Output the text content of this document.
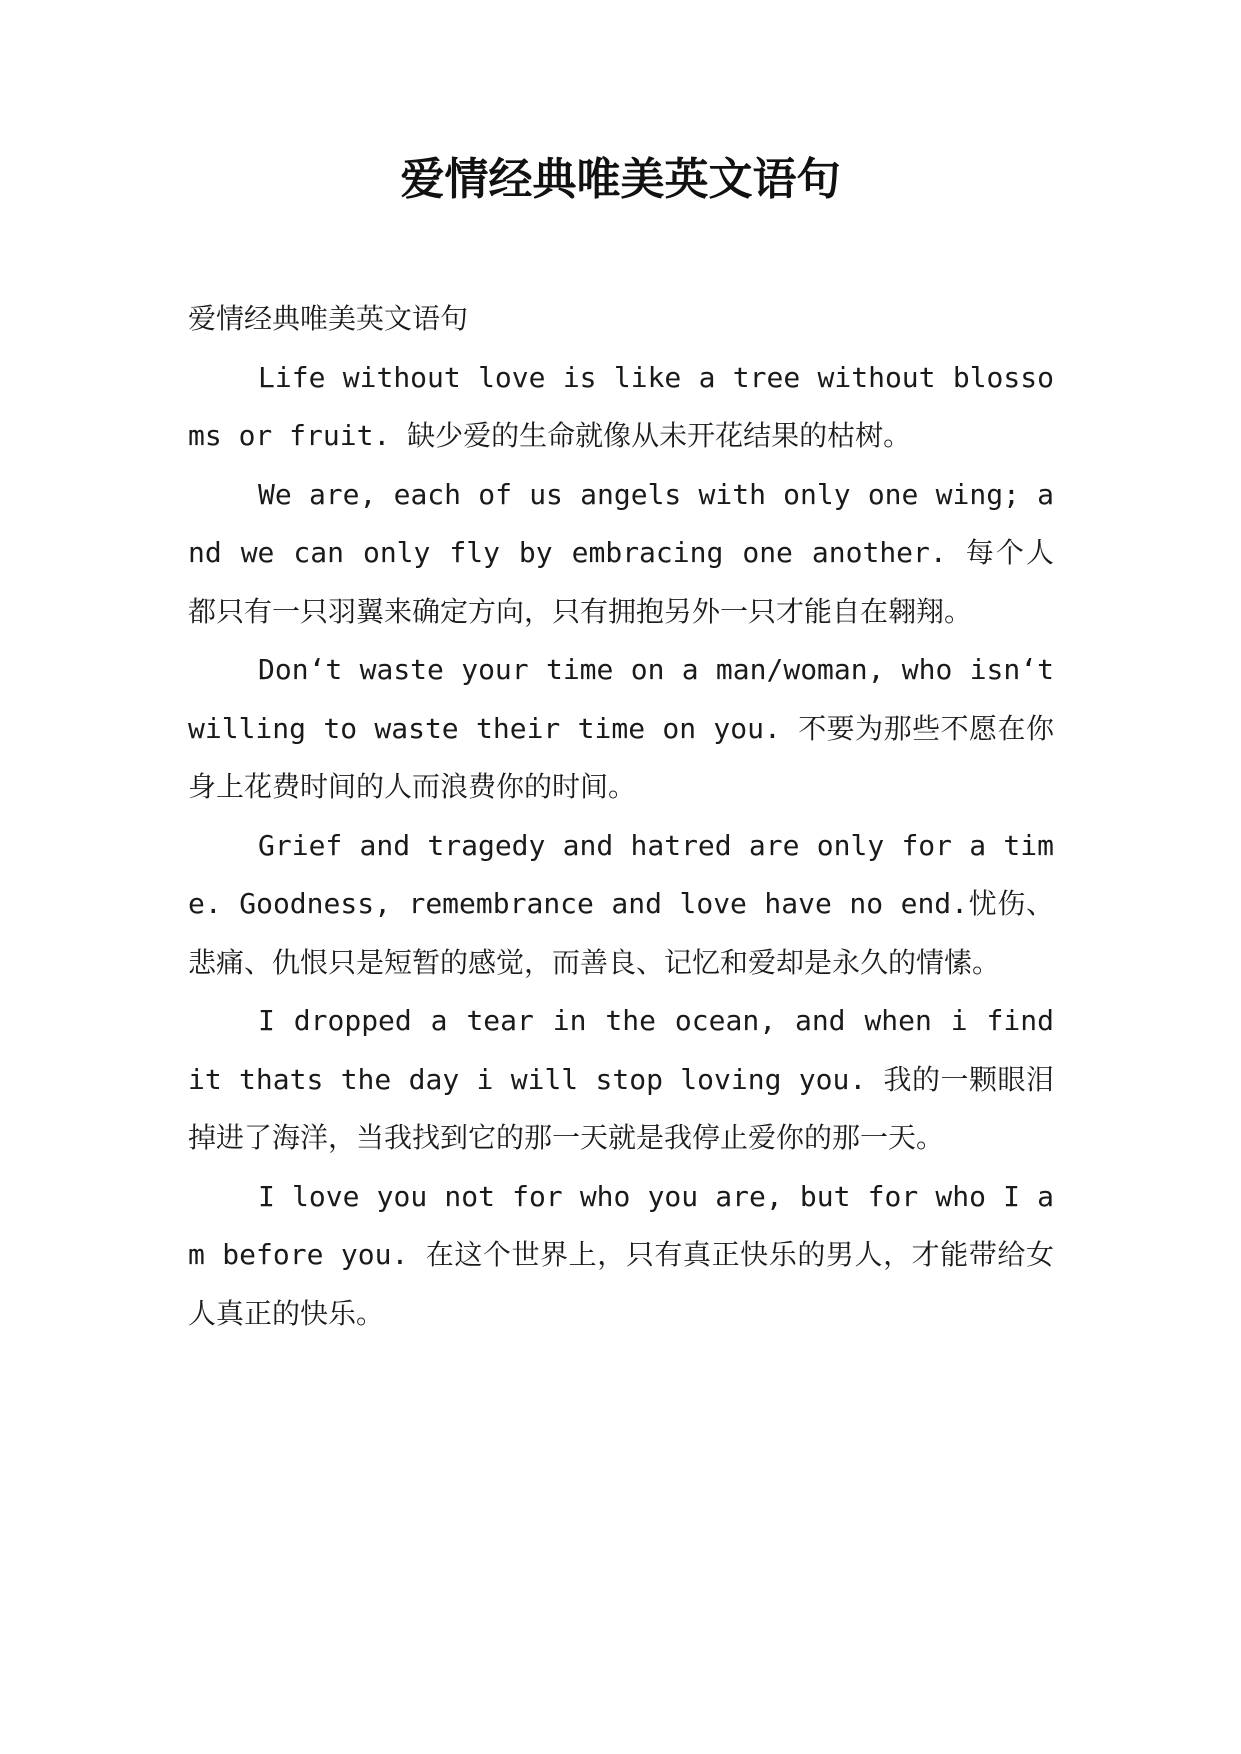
爱情经典唯美英文语句

爱情经典唯美英文语句

Life without love is like a tree without blossoms or fruit. 缺少爱的生命就像从未开花结果的枯树。

We are, each of us angels with only one wing; and we can only fly by embracing one another. 每个人都只有一只羽翼来确定方向，只有拥抱另外一只才能自在翱翔。

Don‘t waste your time on a man/woman, who isn‘t willing to waste their time on you. 不要为那些不愿在你身上花费时间的人而浪费你的时间。

Grief and tragedy and hatred are only for a time. Goodness, remembrance and love have no end.忧伤、悲痛、仇恨只是短暂的感觉，而善良、记忆和爱却是永久的情愫。

I dropped a tear in the ocean, and when i find it thats the day i will stop loving you. 我的一颗眼泪掉进了海洋，当我找到它的那一天就是我停止爱你的那一天。

I love you not for who you are, but for who I am before you. 在这个世界上，只有真正快乐的男人，才能带给女人真正的快乐。
